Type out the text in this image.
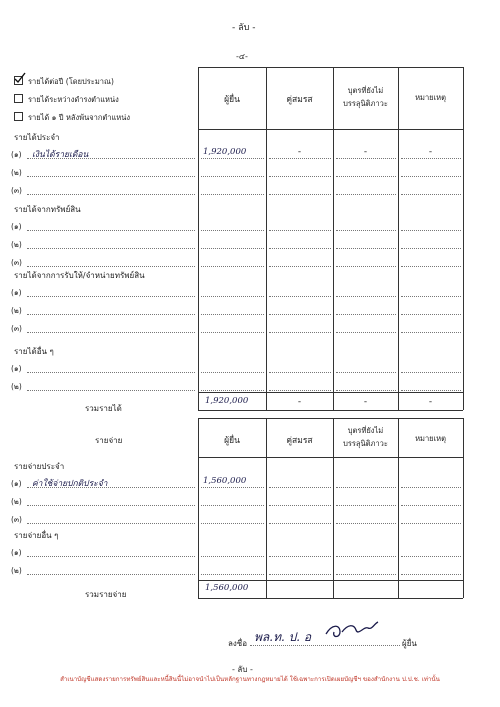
- ลับ -
-๔-
รายได้ต่อปี (โดยประมาณ)
รายได้ระหว่างดำรงตำแหน่ง
รายได้ ๑ ปี หลังพ้นจากตำแหน่ง
ผู้ยื่น	คู่สมรส
บุตรที่ยังไม่
บรรลุนิติภาวะ
หมายเหตุ
รายได้ประจำ
(๑) เงินได้รายเดือน	1,920,000	-	-	-
(๒)
(๓)
รายได้จากทรัพย์สิน
(๑)
(๒)
(๓)
รายได้จากการรับให้/จำหน่ายทรัพย์สิน
(๑)
(๒)
(๓)
รายได้อื่น ๆ
(๑)
(๒)
รวมรายได้
1,920,000	-	-	-
รายจ่าย	ผู้ยื่น	คู่สมรส
บุตรที่ยังไม่
บรรลุนิติภาวะ
หมายเหตุ
รายจ่ายประจำ
(๑) ค่าใช้จ่ายปกติประจำ	1,560,000
(๒)
(๓)
รายจ่ายอื่น ๆ
(๑)
(๒)
รวมรายจ่าย
1,560,000
ลงชื่อ พล.ท. ป. อ	ผู้ยื่น
- ลับ -
สำเนาบัญชีแสดงรายการทรัพย์สินและหนี้สินนี้ไม่อาจนำไปเป็นหลักฐานทางกฎหมายได้ ใช้เฉพาะการเปิดเผยบัญชีฯ ของสำนักงาน ป.ป.ช. เท่านั้น
